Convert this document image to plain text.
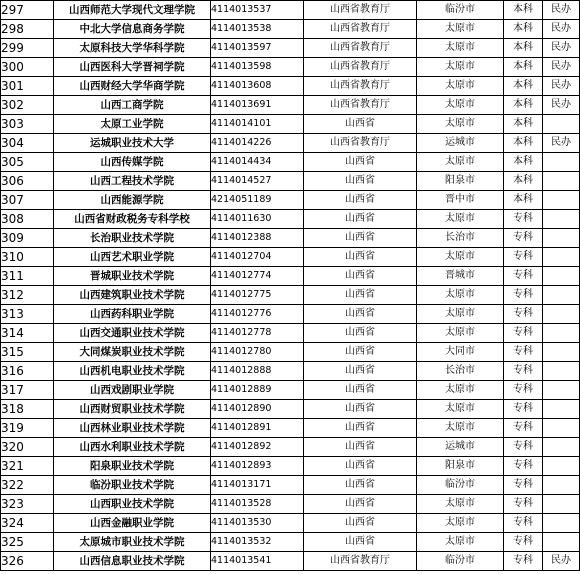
297	山西师范大学现代文理学院	4114013537	山西省教育厅	临汾市	本科	民办
298	中北大学信息商务学院	4114013538	山西省教育厅	太原市	本科	民办
299	太原科技大学华科学院	4114013597	山西省教育厅	太原市	本科	民办
300	山西医科大学晋祠学院	4114013598	山西省教育厅	太原市	本科	民办
301	山西财经大学华商学院	4114013608	山西省教育厅	太原市	本科	民办
302	山西工商学院	4114013691	山西省教育厅	太原市	本科	民办
303	太原工业学院	4114014101	山西省	太原市	本科	
304	运城职业技术大学	4114014226	山西省教育厅	运城市	本科	民办
305	山西传媒学院	4114014434	山西省	太原市	本科	
306	山西工程技术学院	4114014527	山西省	阳泉市	本科	
307	山西能源学院	4214051189	山西省	晋中市	本科	
308	山西省财政税务专科学校	4114011630	山西省	太原市	专科	
309	长治职业技术学院	4114012388	山西省	长治市	专科	
310	山西艺术职业学院	4114012704	山西省	太原市	专科	
311	晋城职业技术学院	4114012774	山西省	晋城市	专科	
312	山西建筑职业技术学院	4114012775	山西省	太原市	专科	
313	山西药科职业学院	4114012776	山西省	太原市	专科	
314	山西交通职业技术学院	4114012778	山西省	太原市	专科	
315	大同煤炭职业技术学院	4114012780	山西省	大同市	专科	
316	山西机电职业技术学院	4114012888	山西省	长治市	专科	
317	山西戏剧职业学院	4114012889	山西省	太原市	专科	
318	山西财贸职业技术学院	4114012890	山西省	太原市	专科	
319	山西林业职业技术学院	4114012891	山西省	太原市	专科	
320	山西水利职业技术学院	4114012892	山西省	运城市	专科	
321	阳泉职业技术学院	4114012893	山西省	阳泉市	专科	
322	临汾职业技术学院	4114013171	山西省	临汾市	专科	
323	山西职业技术学院	4114013528	山西省	太原市	专科	
324	山西金融职业学院	4114013530	山西省	太原市	专科	
325	太原城市职业技术学院	4114013532	山西省	太原市	专科	
326	山西信息职业技术学院	4114013541	山西省教育厅	临汾市	专科	民办
